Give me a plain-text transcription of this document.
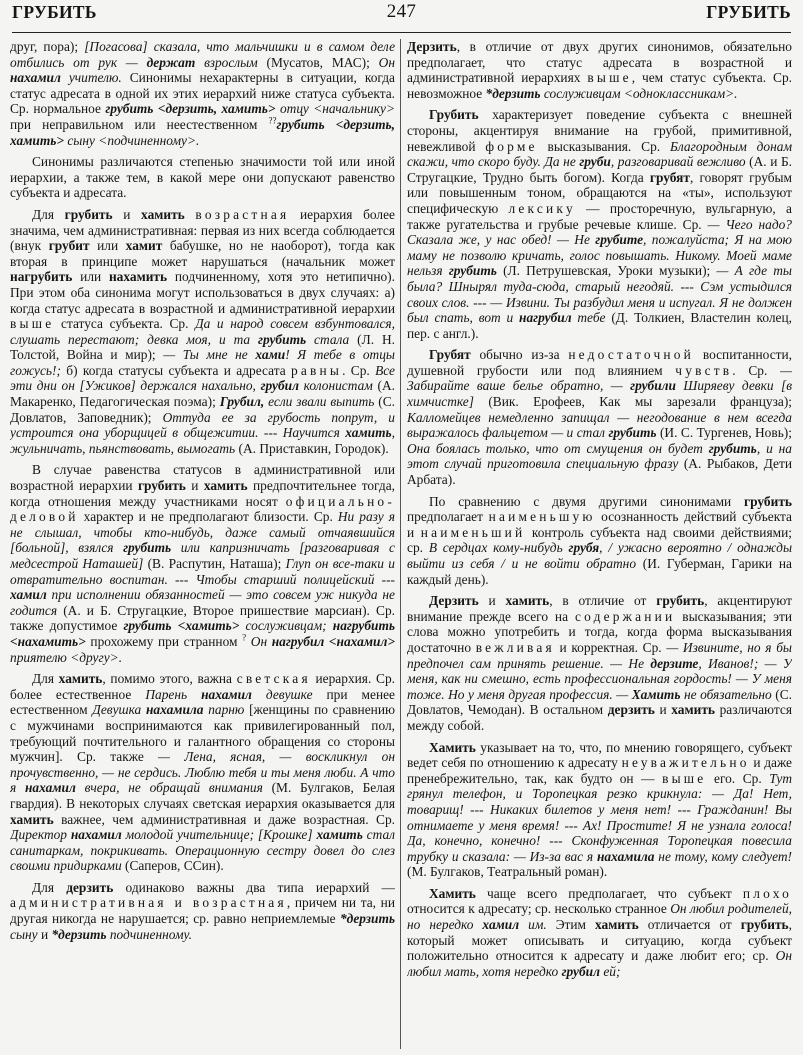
ГРУБИТЬ	247	ГРУБИТЬ

друг, пора); [Погасова] сказала, что мальчишки и в самом деле отбились от рук — держат взрослым (Мусатов, МАС); Он нахамил учителю. Синонимы нехарактерны в ситуации, когда статус адресата в одной их этих иерархий ниже статуса субъекта. Ср. нормальное грубить <дерзить, хамить> отцу <начальнику> при неправильном или неестественном ??грубить <дерзить, хамить> сыну <подчиненному>.

Синонимы различаются степенью значимости той или иной иерархии, а также тем, в какой мере они допускают равенство субъекта и адресата.

Для грубить и хамить возрастная иерархия более значима, чем административная: первая из них всегда соблюдается (внук грубит или хамит бабушке, но не наоборот), тогда как вторая в принципе может нарушаться (начальник может нагрубить или нахамить подчиненному, хотя это нетипично). При этом оба синонима могут использоваться в двух случаях: а) когда статус адресата в возрастной и административной иерархии выше статуса субъекта. Ср. Да и народ совсем взбунтовался, слушать перестают; девка моя, и та грубить стала (Л. Н. Толстой, Война и мир); — Ты мне не хами! Я тебе в отцы гожусь!; б) когда статусы субъекта и адресата равны. Ср. Все эти дни он [Ужиков] держался нахально, грубил колонистам (А. Макаренко, Педагогическая поэма); Грубил, если звали выпить (С. Довлатов, Заповедник); Оттуда ее за грубость попрут, и устроится она уборщицей в общежитии. --- Научится хамить, жульничать, пьянствовать, вымогать (А. Приставкин, Городок).

В случае равенства статусов в административной или возрастной иерархии грубить и хамить предпочтительнее тогда, когда отношения между участниками носят официально-деловой характер и не предполагают близости. Ср. Ни разу я не слышал, чтобы кто-нибудь, даже самый отчаявшийся [больной], взялся грубить или капризничать [разговаривая с медсестрой Наташей] (В. Распутин, Наташа); Глуп он все-таки и отвратительно воспитан. --- Чтобы старший полицейский --- хамил при исполнении обязанностей — это совсем уж никуда не годится (А. и Б. Стругацкие, Второе пришествие марсиан). Ср. также допустимое грубить <хамить> сослуживцам; нагрубить <нахамить> прохожему при странном ? Он нагрубил <нахамил> приятелю <другу>.

Для хамить, помимо этого, важна светская иерархия. Ср. более естественное Парень нахамил девушке при менее естественном Девушка нахамила парню [женщины по сравнению с мужчинами воспринимаются как привилегированный пол, требующий почтительного и галантного обращения со стороны мужчин]. Ср. также — Лена, ясная, — воскликнул он прочувственно, — не сердись. Люблю тебя и ты меня люби. А что я нахамил вчера, не обращай внимания (М. Булгаков, Белая гвардия). В некоторых случаях светская иерархия оказывается для хамить важнее, чем административная и даже возрастная. Ср. Директор нахамил молодой учительнице; [Крошке] хамить стал санитаркам, покрикивать. Операционную сестру довел до слез своими придирками (Саперов, ССин).

Для дерзить одинаково важны два типа иерархий — административная и возрастная, причем ни та, ни другая никогда не нарушается; ср. равно неприемлемые *дерзить сыну и *дерзить подчиненному.

Дерзить, в отличие от двух других синонимов, обязательно предполагает, что статус адресата в возрастной и административной иерархиях выше, чем статус субъекта. Ср. невозможное *дерзить сослуживцам <одноклассникам>.

Грубить характеризует поведение субъекта с внешней стороны, акцентируя внимание на грубой, примитивной, невежливой форме высказывания. Ср. Благородным донам скажи, что скоро буду. Да не груби, разговаривай вежливо (А. и Б. Стругацкие, Трудно быть богом). Когда грубят, говорят грубым или повышенным тоном, обращаются на «ты», используют специфическую лексику — просторечную, вульгарную, а также ругательства и грубые речевые клише. Ср. — Чего надо? Сказала же, у нас обед! — Не грубите, пожалуйста; Я на мою маму не позволю кричать, голос повышать. Никому. Моей маме нельзя грубить (Л. Петрушевская, Уроки музыки); — А где ты была? Шнырял туда-сюда, старый негодяй. --- Сэм устыдился своих слов. --- — Извини. Ты разбудил меня и испугал. Я не должен был спать, вот и нагрубил тебе (Д. Толкиен, Властелин колец, пер. с англ.).

Грубят обычно из-за недостаточной воспитанности, душевной грубости или под влиянием чувств. Ср. — Забирайте ваше белье обратно, — грубили Ширяеву девки [в химчистке] (Вик. Ерофеев, Как мы зарезали француза); Калломейцев немедленно запищал — негодование в нем всегда выражалось фальцетом — и стал грубить (И. С. Тургенев, Новь); Она боялась только, что от смущения он будет грубить, и на этот случай приготовила специальную фразу (А. Рыбаков, Дети Арбата).

По сравнению с двумя другими синонимами грубить предполагает наименьшую осознанность действий субъекта и наименьший контроль субъекта над своими действиями; ср. В сердцах кому-нибудь грубя, / ужасно вероятно / однажды выйти из себя / и не войти обратно (И. Губерман, Гарики на каждый день).

Дерзить и хамить, в отличие от грубить, акцентируют внимание прежде всего на содержании высказывания; эти слова можно употребить и тогда, когда форма высказывания достаточно вежливая и корректная. Ср. — Извините, но я бы предпочел сам принять решение. — Не дерзите, Иванов!; — У меня, как ни смешно, есть профессиональная гордость! — У меня тоже. Но у меня другая профессия. — Хамить не обязательно (С. Довлатов, Чемодан). В остальном дерзить и хамить различаются между собой.

Хамить указывает на то, что, по мнению говорящего, субъект ведет себя по отношению к адресату неуважительно и даже пренебрежительно, так, как будто он — выше его. Ср. Тут грянул телефон, и Торопецкая резко крикнула: — Да! Нет, товарищ! --- Никаких билетов у меня нет! --- Гражданин! Вы отнимаете у меня время! --- Ах! Простите! Я не узнала голоса! Да, конечно, конечно! --- Сконфуженная Торопецкая повесила трубку и сказала: — Из-за вас я нахамила не тому, кому следует! (М. Булгаков, Театральный роман).

Хамить чаще всего предполагает, что субъект плохо относится к адресату; ср. несколько странное Он любил родителей, но нередко хамил им. Этим хамить отличается от грубить, который может описывать и ситуацию, когда субъект положительно относится к адресату и даже любит его; ср. Он любил мать, хотя нередко грубил ей;
